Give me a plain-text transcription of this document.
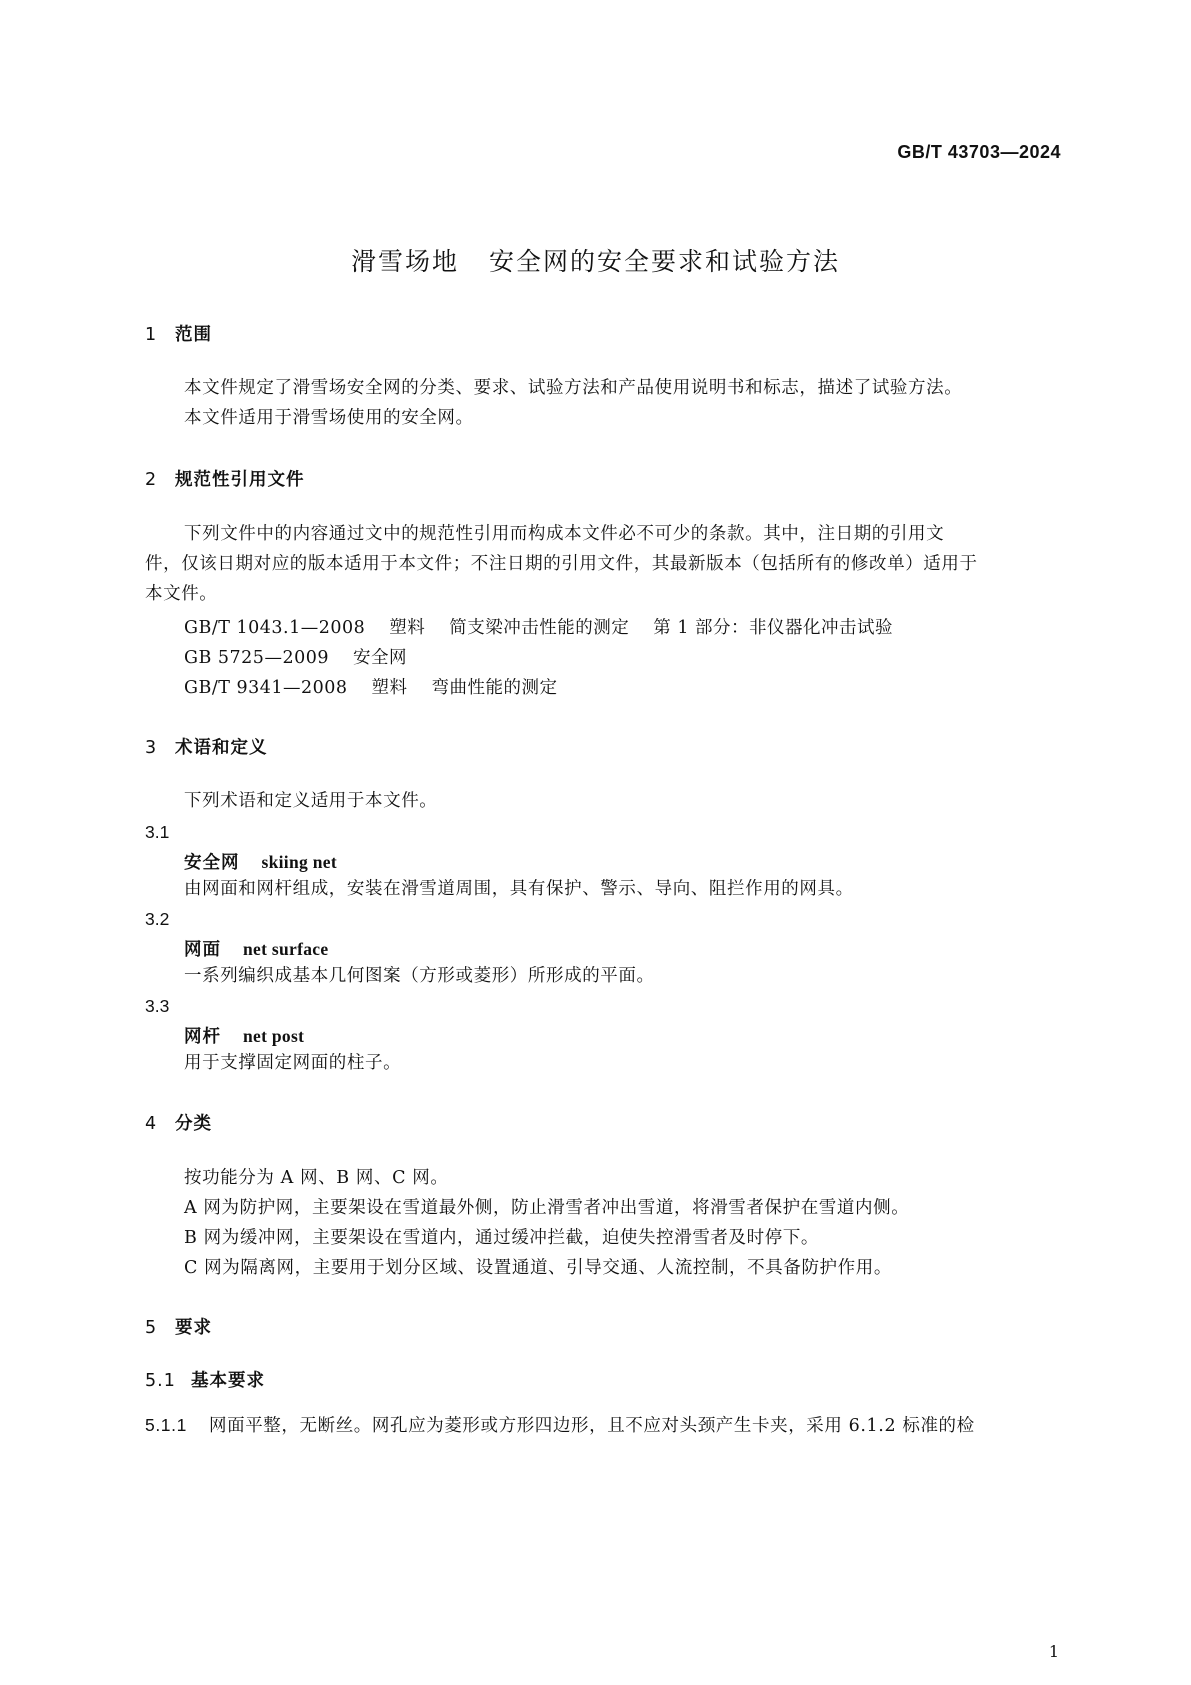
GB/T 43703—2024
滑雪场地 安全网的安全要求和试验方法
1 范围
本文件规定了滑雪场安全网的分类、要求、试验方法和产品使用说明书和标志，描述了试验方法。
本文件适用于滑雪场使用的安全网。
2 规范性引用文件
下列文件中的内容通过文中的规范性引用而构成本文件必不可少的条款。其中，注日期的引用文
件，仅该日期对应的版本适用于本文件；不注日期的引用文件，其最新版本（包括所有的修改单）适用于
本文件。
GB/T 1043.1—2008 塑料 简支梁冲击性能的测定 第 1 部分：非仪器化冲击试验
GB 5725—2009 安全网
GB/T 9341—2008 塑料 弯曲性能的测定
3 术语和定义
下列术语和定义适用于本文件。
3.1
安全网 skiing net
由网面和网杆组成，安装在滑雪道周围，具有保护、警示、导向、阻拦作用的网具。
3.2
网面 net surface
一系列编织成基本几何图案（方形或菱形）所形成的平面。
3.3
网杆 net post
用于支撑固定网面的柱子。
4 分类
按功能分为 A 网、B 网、C 网。
A 网为防护网，主要架设在雪道最外侧，防止滑雪者冲出雪道，将滑雪者保护在雪道内侧。
B 网为缓冲网，主要架设在雪道内，通过缓冲拦截，迫使失控滑雪者及时停下。
C 网为隔离网，主要用于划分区域、设置通道、引导交通、人流控制，不具备防护作用。
5 要求
5.1 基本要求
5.1.1 网面平整，无断丝。网孔应为菱形或方形四边形，且不应对头颈产生卡夹，采用 6.1.2 标准的检
1
